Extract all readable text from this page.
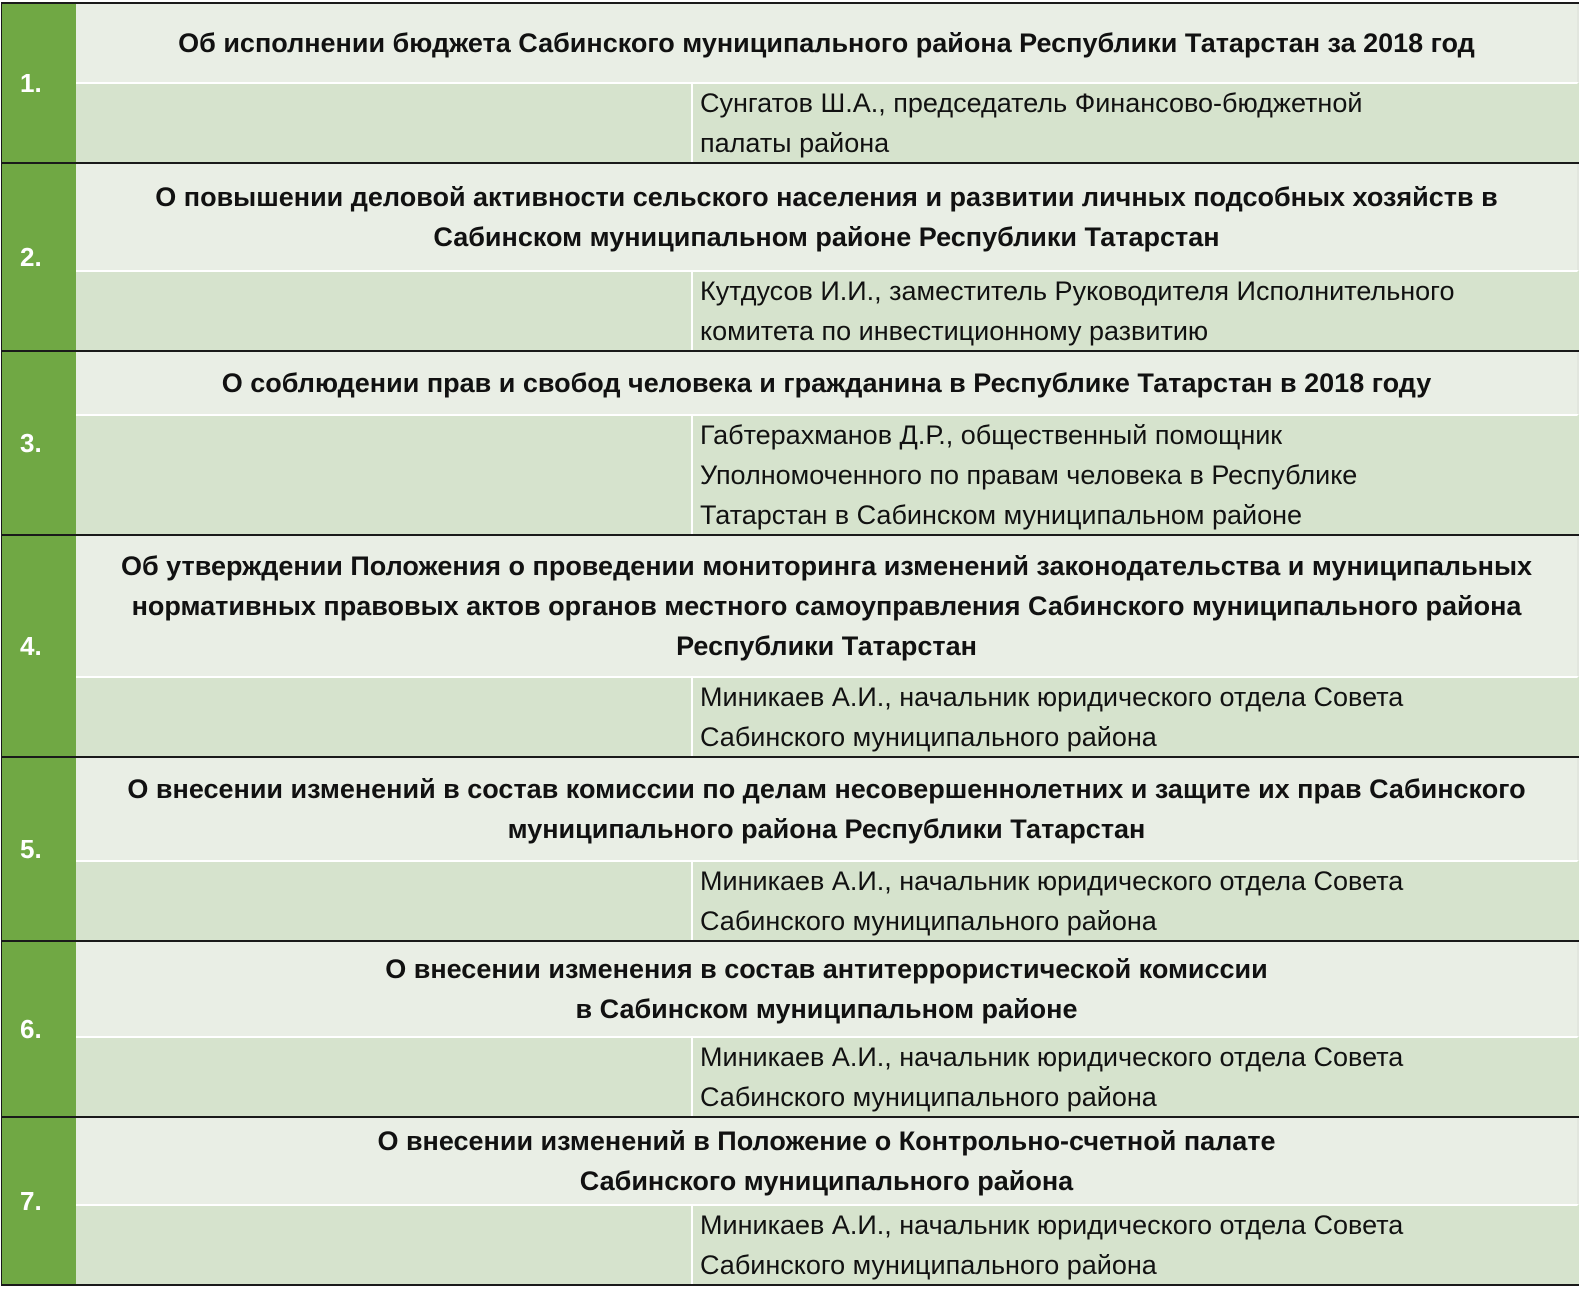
1.
Об исполнении бюджета Сабинского муниципального района Республики Татарстан за 2018 год
Сунгатов Ш.А., председатель Финансово-бюджетной
палаты района
2.
О повышении деловой активности сельского населения и развитии личных подсобных хозяйств в Сабинском муниципальном районе Республики Татарстан
Кутдусов И.И., заместитель Руководителя Исполнительного
комитета по инвестиционному развитию
3.
О соблюдении прав и свобод человека и гражданина в Республике Татарстан в 2018 году
Габтерахманов Д.Р., общественный помощник
Уполномоченного по правам человека в Республике
Татарстан в Сабинском муниципальном районе
4.
Об утверждении Положения о проведении мониторинга изменений законодательства и муниципальных нормативных правовых актов органов местного самоуправления Сабинского муниципального района Республики Татарстан
Миникаев А.И., начальник юридического отдела Совета
Сабинского муниципального района
5.
О внесении изменений в состав комиссии по делам несовершеннолетних и защите их прав Сабинского муниципального района Республики Татарстан
Миникаев А.И., начальник юридического отдела Совета
Сабинского муниципального района
6.
О внесении изменения в состав антитеррористической комиссии
в Сабинском муниципальном районе
Миникаев А.И., начальник юридического отдела Совета
Сабинского муниципального района
7.
О внесении изменений в Положение о Контрольно-счетной палате
Сабинского муниципального района
Миникаев А.И., начальник юридического отдела Совета
Сабинского муниципального района
